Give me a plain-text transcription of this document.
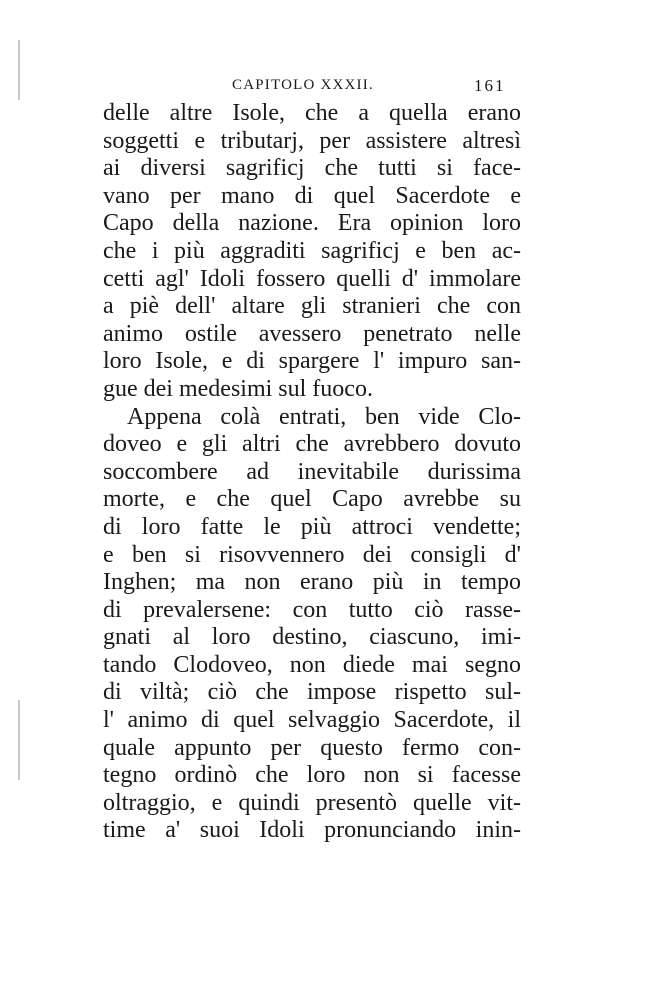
CAPITOLO XXXII.	161
delle altre Isole, che a quella erano
soggetti e tributarj, per assistere altresì
ai diversi sagrificj che tutti si face-
vano per mano di quel Sacerdote e
Capo della nazione. Era opinion loro
che i più aggraditi sagrificj e ben ac-
cetti agl' Idoli fossero quelli d' immolare
a piè dell' altare gli stranieri che con
animo ostile avessero penetrato nelle
loro Isole, e di spargere l' impuro san-
gue dei medesimi sul fuoco.
Appena colà entrati, ben vide Clo-
doveo e gli altri che avrebbero dovuto
soccombere ad inevitabile durissima
morte, e che quel Capo avrebbe su
di loro fatte le più attroci vendette;
e ben si risovvennero dei consigli d'
Inghen; ma non erano più in tempo
di prevalersene: con tutto ciò rasse-
gnati al loro destino, ciascuno, imi-
tando Clodoveo, non diede mai segno
di viltà; ciò che impose rispetto sul-
l' animo di quel selvaggio Sacerdote, il
quale appunto per questo fermo con-
tegno ordinò che loro non si facesse
oltraggio, e quindi presentò quelle vit-
time a' suoi Idoli pronunciando inin-
